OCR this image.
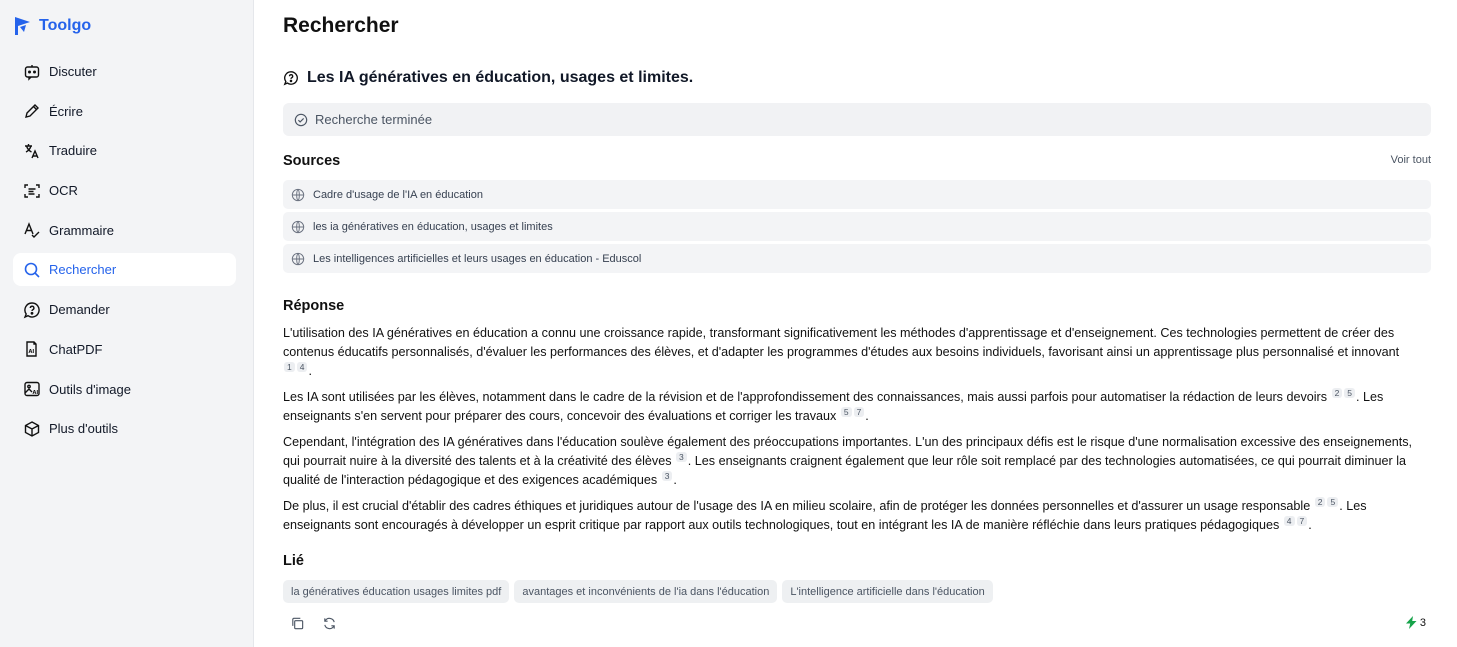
Toolgo
Discuter
Écrire
Traduire
OCR
Grammaire
Rechercher
Demander
AI ChatPDF
AI Outils d'image
Plus d'outils
Rechercher
Les IA génératives en éducation, usages et limites.
Recherche terminée
Sources	Voir tout
Cadre d'usage de l'IA en éducation
les ia génératives en éducation, usages et limites
Les intelligences artificielles et leurs usages en éducation - Eduscol
Réponse

L'utilisation des IA génératives en éducation a connu une croissance rapide, transformant significativement les méthodes d'apprentissage et d'enseignement. Ces technologies permettent de créer des contenus éducatifs personnalisés, d'évaluer les performances des élèves, et d'adapter les programmes d'études aux besoins individuels, favorisant ainsi un apprentissage plus personnalisé et innovant $^1$ $^4$ .

Les IA sont utilisées par les élèves, notamment dans le cadre de la révision et de l'approfondissement des connaissances, mais aussi parfois pour automatiser la rédaction de leurs devoirs $^2$ $^5$ . Les enseignants s'en servent pour préparer des cours, concevoir des évaluations et corriger les travaux $^5$ $^7$ .

Cependant, l'intégration des IA génératives dans l'éducation soulève également des préoccupations importantes. L'un des principaux défis est le risque d'une normalisation excessive des enseignements, qui pourrait nuire à la diversité des talents et à la créativité des élèves $^3$ . Les enseignants craignent également que leur rôle soit remplacé par des technologies automatisées, ce qui pourrait diminuer la qualité de l'interaction pédagogique et des exigences académiques $^3$ .

De plus, il est crucial d'établir des cadres éthiques et juridiques autour de l'usage des IA en milieu scolaire, afin de protéger les données personnelles et d'assurer un usage responsable $^2$ $^5$ . Les enseignants sont encouragés à développer un esprit critique par rapport aux outils technologiques, tout en intégrant les IA de manière réfléchie dans leurs pratiques pédagogiques $^4$ $^7$ .

Lié
la génératives éducation usages limites pdf	avantages et inconvénients de l'ia dans l'éducation	L'intelligence artificielle dans l'éducation
3
